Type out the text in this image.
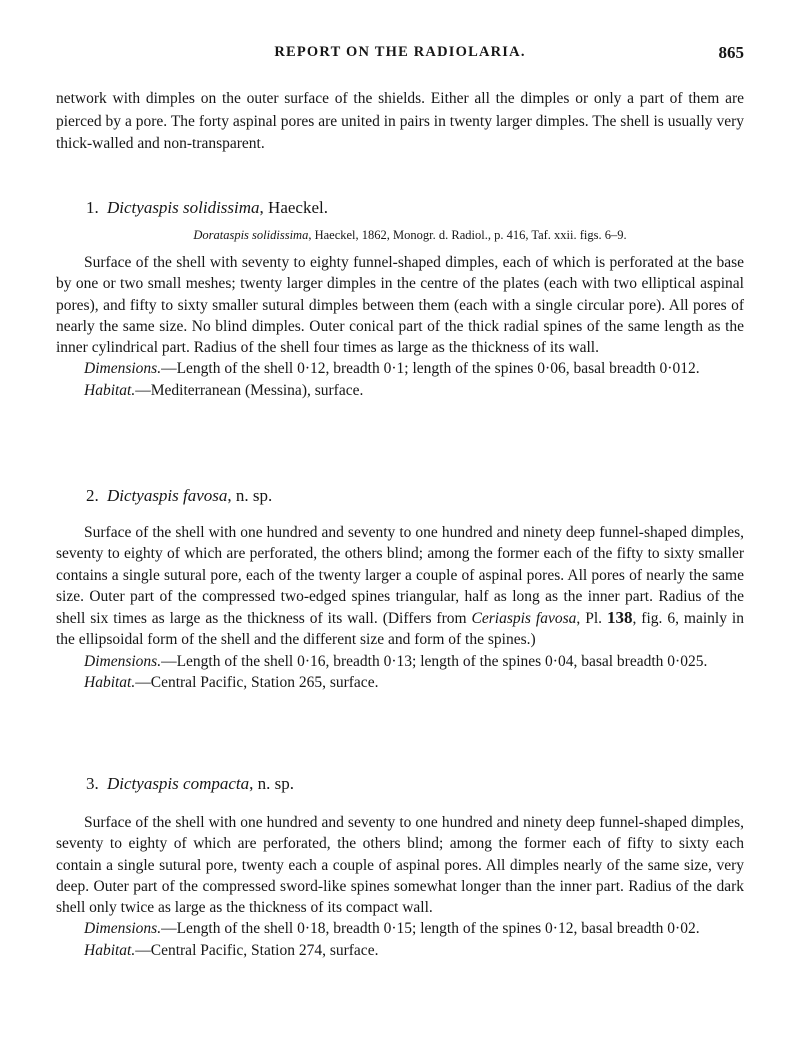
REPORT ON THE RADIOLARIA.	865

network with dimples on the outer surface of the shields. Either all the dimples or only a part of them are pierced by a pore. The forty aspinal pores are united in pairs in twenty larger dimples. The shell is usually very thick-walled and non-transparent.

1. Dictyaspis solidissima, Haeckel.

Dorataspis solidissima, Haeckel, 1862, Monogr. d. Radiol., p. 416, Taf. xxii. figs. 6–9.

Surface of the shell with seventy to eighty funnel-shaped dimples, each of which is perforated at the base by one or two small meshes; twenty larger dimples in the centre of the plates (each with two elliptical aspinal pores), and fifty to sixty smaller sutural dimples between them (each with a single circular pore). All pores of nearly the same size. No blind dimples. Outer conical part of the thick radial spines of the same length as the inner cylindrical part. Radius of the shell four times as large as the thickness of its wall.

Dimensions.—Length of the shell 0·12, breadth 0·1; length of the spines 0·06, basal breadth 0·012.

Habitat.—Mediterranean (Messina), surface.

2. Dictyaspis favosa, n. sp.

Surface of the shell with one hundred and seventy to one hundred and ninety deep funnel-shaped dimples, seventy to eighty of which are perforated, the others blind; among the former each of the fifty to sixty smaller contains a single sutural pore, each of the twenty larger a couple of aspinal pores. All pores of nearly the same size. Outer part of the compressed two-edged spines triangular, half as long as the inner part. Radius of the shell six times as large as the thickness of its wall. (Differs from Ceriaspis favosa, Pl. 138, fig. 6, mainly in the ellipsoidal form of the shell and the different size and form of the spines.)

Dimensions.—Length of the shell 0·16, breadth 0·13; length of the spines 0·04, basal breadth 0·025.

Habitat.—Central Pacific, Station 265, surface.

3. Dictyaspis compacta, n. sp.

Surface of the shell with one hundred and seventy to one hundred and ninety deep funnel-shaped dimples, seventy to eighty of which are perforated, the others blind; among the former each of fifty to sixty each contain a single sutural pore, twenty each a couple of aspinal pores. All dimples nearly of the same size, very deep. Outer part of the compressed sword-like spines somewhat longer than the inner part. Radius of the dark shell only twice as large as the thickness of its compact wall.

Dimensions.—Length of the shell 0·18, breadth 0·15; length of the spines 0·12, basal breadth 0·02.

Habitat.—Central Pacific, Station 274, surface.
